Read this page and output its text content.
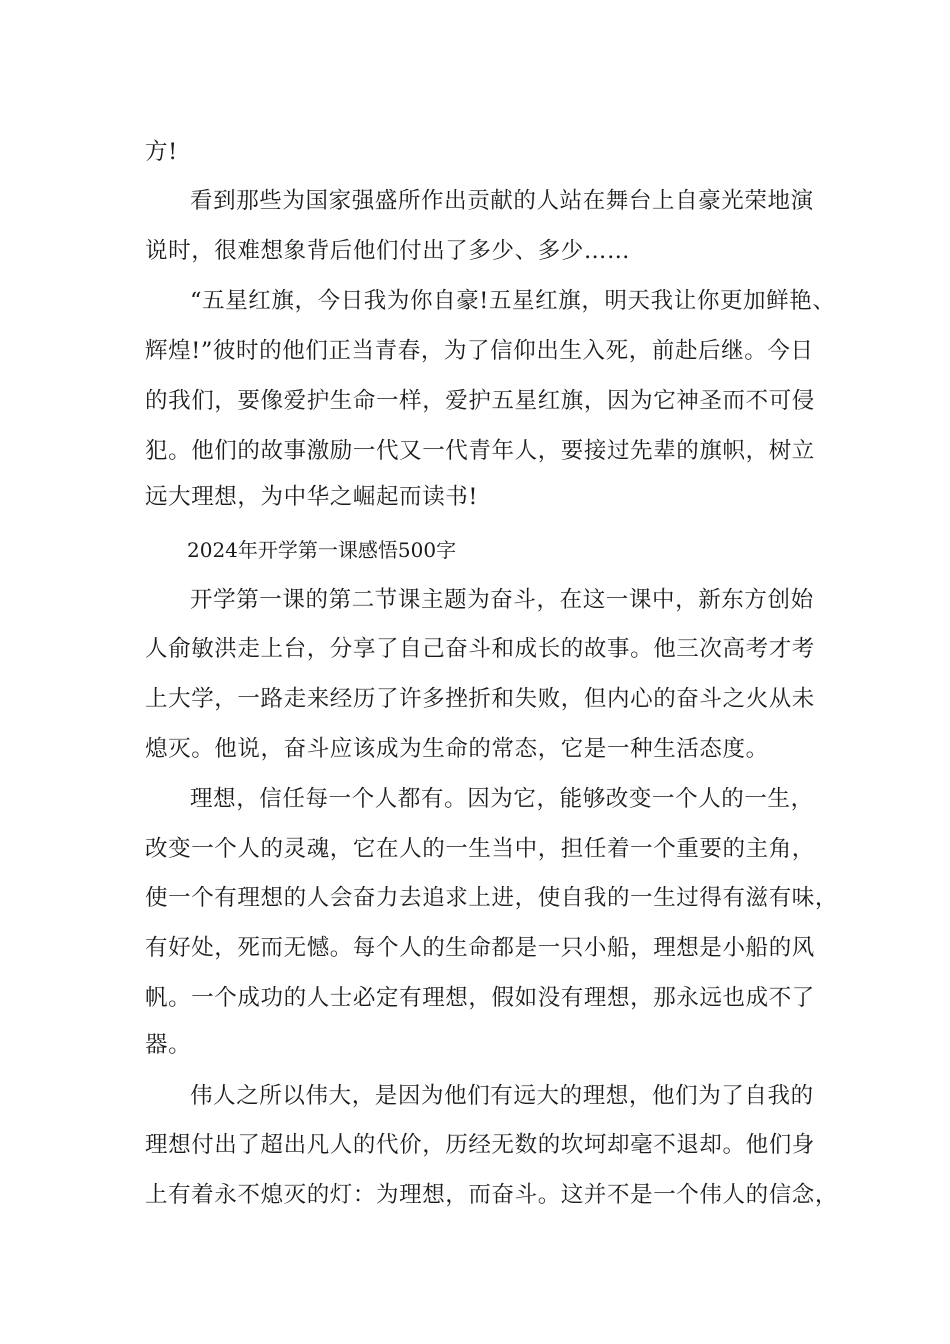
方!
看到那些为国家强盛所作出贡献的人站在舞台上自豪光荣地演
说时，很难想象背后他们付出了多少、多少……
“五星红旗，今日我为你自豪!五星红旗，明天我让你更加鲜艳、
辉煌!”彼时的他们正当青春，为了信仰出生入死，前赴后继。今日
的我们，要像爱护生命一样，爱护五星红旗，因为它神圣而不可侵
犯。他们的故事激励一代又一代青年人，要接过先辈的旗帜，树立
远大理想，为中华之崛起而读书!
2024年开学第一课感悟500字
开学第一课的第二节课主题为奋斗，在这一课中，新东方创始
人俞敏洪走上台，分享了自己奋斗和成长的故事。他三次高考才考
上大学，一路走来经历了许多挫折和失败，但内心的奋斗之火从未
熄灭。他说，奋斗应该成为生命的常态，它是一种生活态度。
理想，信任每一个人都有。因为它，能够改变一个人的一生，
改变一个人的灵魂，它在人的一生当中，担任着一个重要的主角，
使一个有理想的人会奋力去追求上进，使自我的一生过得有滋有味，
有好处，死而无憾。每个人的生命都是一只小船，理想是小船的风
帆。一个成功的人士必定有理想，假如没有理想，那永远也成不了
器。
伟人之所以伟大，是因为他们有远大的理想，他们为了自我的
理想付出了超出凡人的代价，历经无数的坎坷却毫不退却。他们身
上有着永不熄灭的灯：为理想，而奋斗。这并不是一个伟人的信念，
